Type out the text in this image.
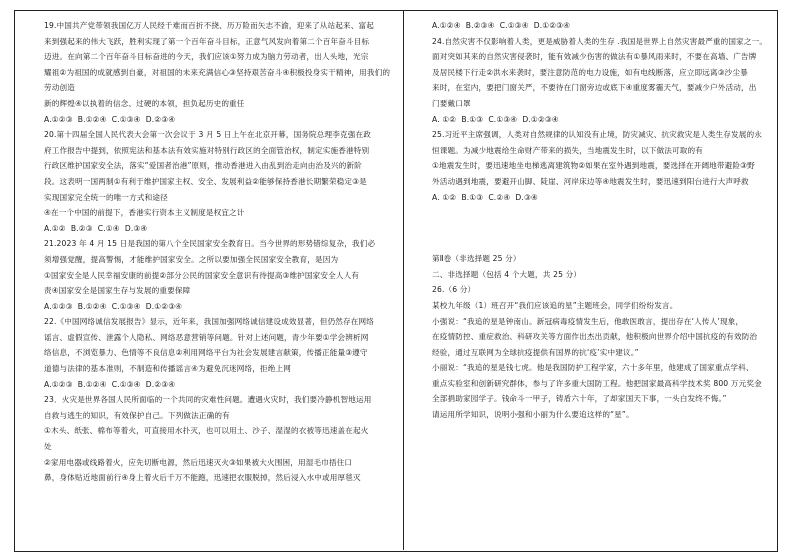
19.中国共产党带领我国亿万人民经千难而百折不挠、历万险而矢志不渝，迎来了从站起来、富起

来到强起来的伟大飞跃，胜利实现了第一个百年奋斗目标，正意气风发向着第二个百年奋斗目标

迈进。在向第二个百年奋斗目标奋进的今天，我们应该①努力成为脑力劳动者，出人头地，光宗

耀祖②为祖国的成就感到自豪，对祖国的未来充满信心③坚持艰苦奋斗④积极投身实干精神，用我们的劳动创造

新的辉煌④以执着的信念、过硬的本领，担负起历史的重任

A.①②③  B.①②④  C.①③④  D.②③④

20.第十四届全国人民代表大会第一次会议于 3 月 5 日上午在北京开幕，国务院总理李克强在政

府工作报告中提到，依照宪法和基本法有效实施对特别行政区的全面管治权，制定实施香港特别

行政区维护国家安全法，落实“爱国者治港”原则，推动香港进入由乱到治走向由治及兴的新阶

段。这表明一国两制①有利于维护国家主权、安全、发展利益②能够保持香港长期繁荣稳定③是

实现国家完全统一的唯一方式和途径

④在一个中国的前提下，香港实行资本主义制度是权宜之计

A.①②  B.②③  C.①④  D.③④

21.2023 年 4 月 15 日是我国的第八个全民国家安全教育日。当今世界的形势错综复杂，我们必

须增强觉醒，提高警惕，才能维护国家安全。之所以要加强全民国家安全教育，是因为

①国家安全是人民幸福安康的前提②部分公民的国家安全意识有待提高③维护国家安全人人有

责④国家安全是国家生存与发展的重要保障

A.①②③  B.①②④  C.①③④  D.①②③④

22.《中国网络诚信发展报告》显示，近年来，我国加强网络诚信建设成效显著，但仍然存在网络

谣言、虚假宣传、泄露个人隐私、网络恶意营销等问题。针对上述问题，青少年要①学会辨析网

络信息，不浏览暴力、色情等不良信息②利用网络平台为社会发展建言献策，传播正能量③遵守

道德与法律的基本准则，不制造和传播谣言④为避免沉迷网络，拒绝上网

A.①②③  B.①②④  C.①③④  D.②③④

23．火灾是世界各国人民所面临的一个共同的灾难性问题。遭遇火灾时，我们要冷静机智地运用

自救与逃生的知识，有效保护自己。下列做法正确的有

①木头、纸张、棉布等着火，可直接用水扑灭，也可以用土、沙子、湿湿的衣被等迅速盖在起火

处

②家用电器或线路着火，应先切断电源，然后迅速灭火③如果被大火围困，用湿毛巾捂住口

鼻，身体贴近地面前行④身上着火后千万不能跑，迅速把衣服脱掉，然后浸入水中或用厚毯灭

A.①②④  B.②③④  C.①③④  D.①②③④

24.自然灾害不仅影响着人类，更是威胁着人类的生存 .我国是世界上自然灾害最严重的国家之一。

面对突如其来的自然灾害侵袭时，能有效减少伤害的做法有①暴风雨来时，不要在高墙、广告牌

及居民楼下行走②洪水来袭时，要注意防范的电力设施，如有电线断落，应立即远离③沙尘暴

来时，在室内，要把门窗关严，不要待在门窗旁边或底下④重度雾霾天气，要减少户外活动，出

门要戴口罩

A. ①②  B.①③  C.①③④  D.①②③④

25.习近平主席强调，人类对自然规律的认知没有止境，防灾减灾、抗灾救灾是人类生存发展的永

恒课题。为减少地震给生命财产带来的损失，当地震发生时，以下做法可取的有

①地震发生时，要迅速地坐电梯逃离建筑物②如果在室外遇到地震，要选择在开阔地带避险③野

外活动遇到地震，要避开山脚、陡崖、河岸床边等④地震发生时，要迅速到阳台进行大声呼救

A. ①②  B.①③  C.②④  D.③④

第Ⅱ卷（非选择题 25 分）

二、非选择题（包括 4 个大题，共 25 分）

26.（6 分）

某校九年级（1）班召开“我们应该追的星”主题班会，同学们纷纷发言。

小强说：“我追的星是钟南山。新冠病毒疫情发生后，他敢医敢言，提出存在‘人传人’现象，

在疫情防控、重症救治、科研攻关等方面作出杰出贡献，他积极向世界介绍中国抗疫的有效防治

经验，通过互联网为全球抗疫提供有国界的抗‘疫’实中建议。”

小丽说：“我追的星是钱七虎。他是我国防护工程学家，六十多年里，他建成了国家重点学科、

重点实验室和创新研究群体，参与了许多重大国防工程。他把国家最高科学技术奖 800 万元奖金

全部捐助家园学子。钱命斗一甲子，铸盾六十年，了却家国天下事，一头白发终不悔。”

请运用所学知识，说明小强和小丽为什么要追这样的“星”。
